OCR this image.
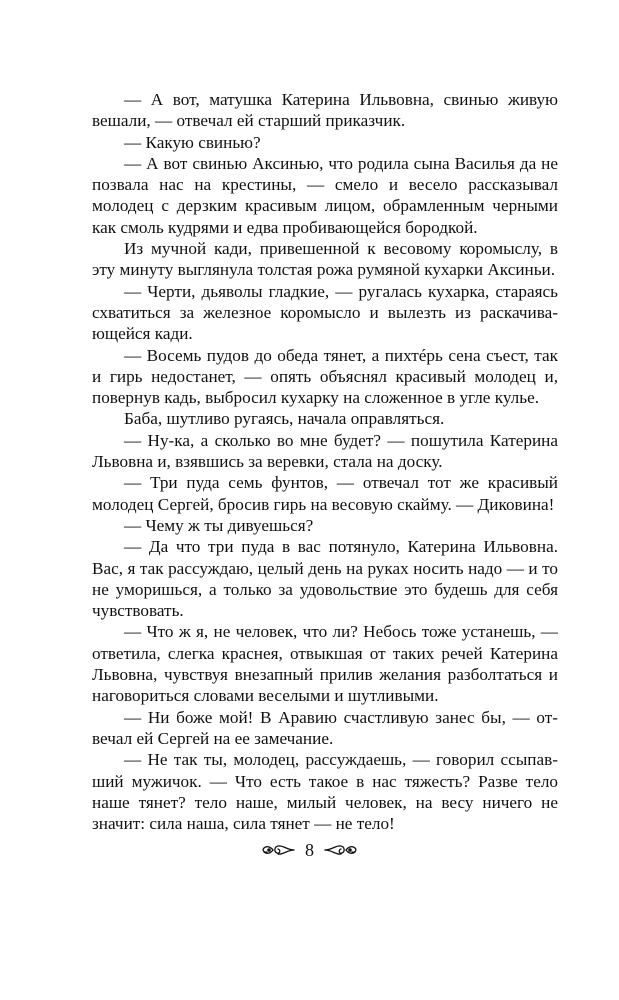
— А вот, матушка Катерина Ильвовна, свинью живую вешали, — отвечал ей старший приказчик.

— Какую свинью?

— А вот свинью Аксинью, что родила сына Василья да не позвала нас на крестины, — смело и весело рассказывал молодец с дерзким красивым лицом, обрамленным черными как смоль кудрями и едва пробивающейся бородкой.

Из мучной кади, привешенной к весовому коромыслу, в эту минуту выглянула толстая рожа румяной кухарки Аксиньи.

— Черти, дьяволы гладкие, — ругалась кухарка, стараясь схватиться за железное коромысло и вылезть из раскачивающейся кади.

— Восемь пудов до обеда тянет, а пихтéрь сена съест, так и гирь недостанет, — опять объяснял красивый молодец и, повернув кадь, выбросил кухарку на сложенное в угле кулье.

Баба, шутливо ругаясь, начала оправляться.

— Ну-ка, а сколько во мне будет? — пошутила Катерина Львовна и, взявшись за веревки, стала на доску.

— Три пуда семь фунтов, — отвечал тот же красивый молодец Сергей, бросив гирь на весовую скайму. — Диковина!

— Чему ж ты дивуешься?

— Да что три пуда в вас потянуло, Катерина Ильвовна. Вас, я так рассуждаю, целый день на руках носить надо — и то не уморишься, а только за удовольствие это будешь для себя чувствовать.

— Что ж я, не человек, что ли? Небось тоже устанешь, — ответила, слегка краснея, отвыкшая от таких речей Катерина Львовна, чувствуя внезапный прилив желания разболтаться и наговориться словами веселыми и шутливыми.

— Ни боже мой! В Аравию счастливую занес бы, — отвечал ей Сергей на ее замечание.

— Не так ты, молодец, рассуждаешь, — говорил ссыпавший мужичок. — Что есть такое в нас тяжесть? Разве тело наше тянет? тело наше, милый человек, на весу ничего не значит: сила наша, сила тянет — не тело!

8
